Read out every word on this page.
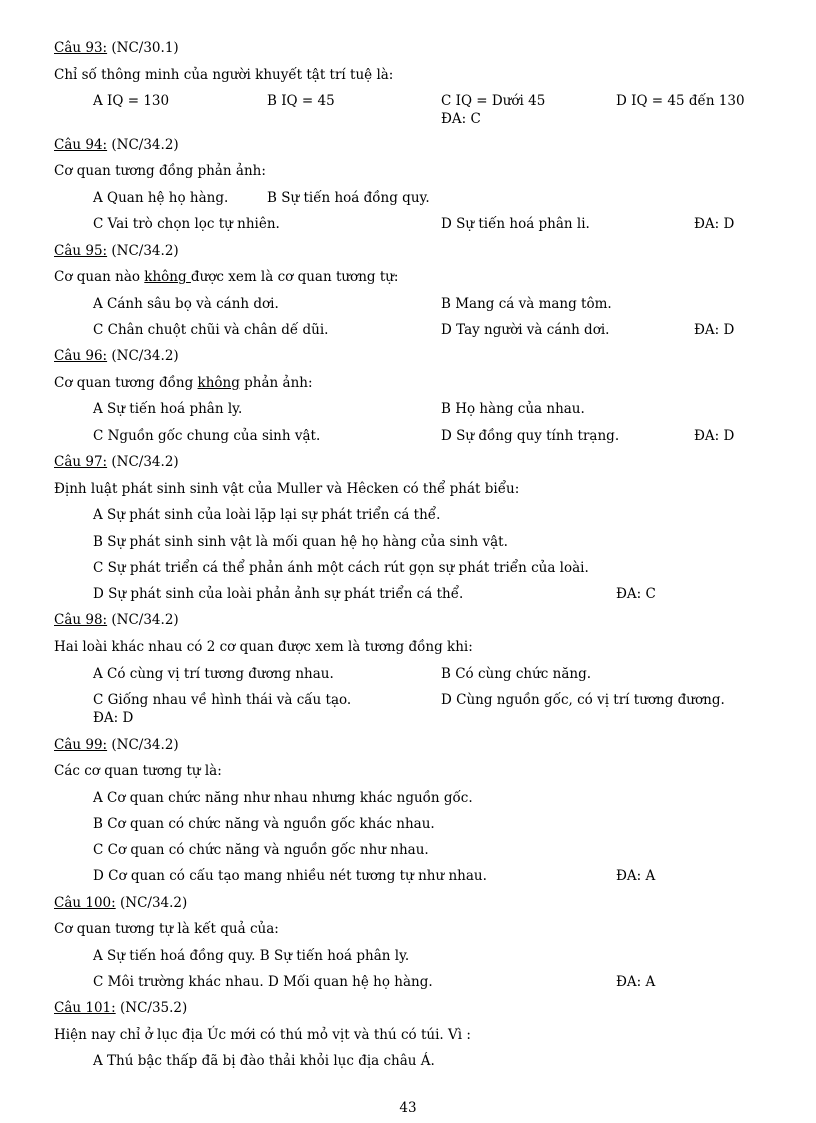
Câu 93: (NC/30.1)
Chỉ số thông minh của người khuyết tật trí tuệ là:
A IQ = 130	B IQ = 45	C IQ = Dưới 45	D IQ = 45 đến 130
ĐA: C
Câu 94: (NC/34.2)
Cơ quan tương đồng phản ảnh:
A Quan hệ họ hàng.	B Sự tiến hoá đồng quy.
C Vai trò chọn lọc tự nhiên.	D Sự tiến hoá phân li.	ĐA: D
Câu 95: (NC/34.2)
Cơ quan nào không được xem là cơ quan tương tự:
A Cánh sâu bọ và cánh dơi.	B Mang cá và mang tôm.
C Chân chuột chũi và chân dế dũi.	D Tay người và cánh dơi.	ĐA: D
Câu 96: (NC/34.2)
Cơ quan tương đồng không phản ảnh:
A Sự tiến hoá phân ly.	B Họ hàng của nhau.
C Nguồn gốc chung của sinh vật.	D Sự đồng quy tính trạng.	ĐA: D
Câu 97: (NC/34.2)
Định luật phát sinh sinh vật của Muller và Hêcken có thể phát biểu:
A Sự phát sinh của loài lặp lại sự phát triển cá thể.
B Sự phát sinh sinh vật là mối quan hệ họ hàng của sinh vật.
C Sự phát triển cá thể phản ánh một cách rút gọn sự phát triển của loài.
D Sự phát sinh của loài phản ảnh sự phát triển cá thể.	ĐA: C
Câu 98: (NC/34.2)
Hai loài khác nhau có 2 cơ quan được xem là tương đồng khi:
A Có cùng vị trí tương đương nhau.	B Có cùng chức năng.
C Giống nhau về hình thái và cấu tạo.	D Cùng nguồn gốc, có vị trí tương đương.
ĐA: D
Câu 99: (NC/34.2)
Các cơ quan tương tự là:
A Cơ quan chức năng như nhau nhưng khác nguồn gốc.
B Cơ quan có chức năng và nguồn gốc khác nhau.
C Cơ quan có chức năng và nguồn gốc như nhau.
D Cơ quan có cấu tạo mang nhiều nét tương tự như nhau.	ĐA: A
Câu 100: (NC/34.2)
Cơ quan tương tự là kết quả của:
A Sự tiến hoá đồng quy. B Sự tiến hoá phân ly.
C Môi trường khác nhau. D Mối quan hệ họ hàng.	ĐA: A
Câu 101: (NC/35.2)
Hiện nay chỉ ở lục địa Úc mới có thú mỏ vịt và thú có túi. Vì :
A Thú bậc thấp đã bị đào thải khỏi lục địa châu Á.
43
